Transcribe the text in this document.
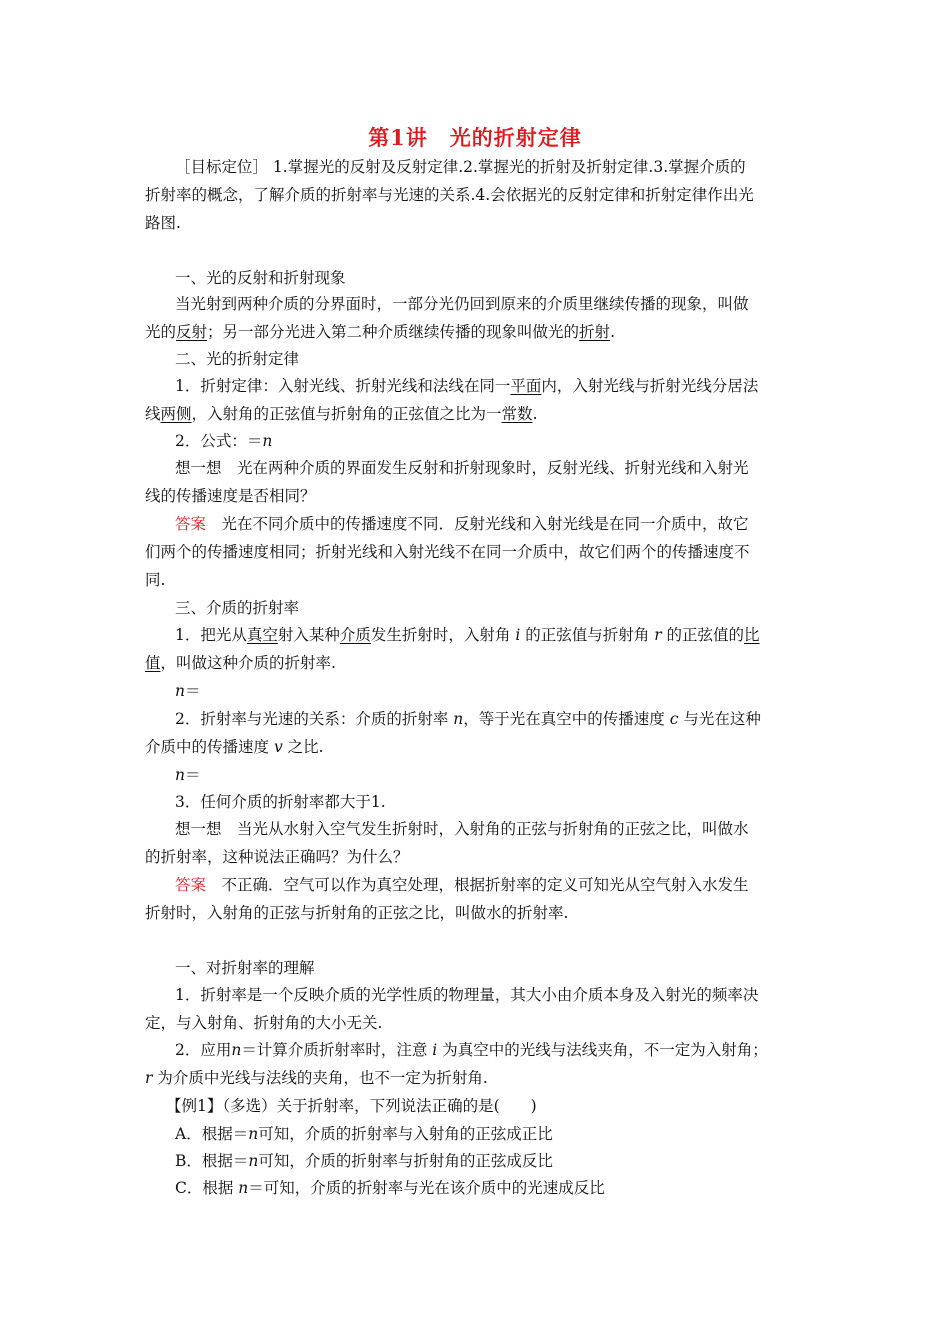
第1讲　光的折射定律
［目标定位］ 1.掌握光的反射及反射定律.2.掌握光的折射及折射定律.3.掌握介质的
折射率的概念，了解介质的折射率与光速的关系.4.会依据光的反射定律和折射定律作出光
路图.
一、光的反射和折射现象
当光射到两种介质的分界面时，一部分光仍回到原来的介质里继续传播的现象，叫做
光的反射；另一部分光进入第二种介质继续传播的现象叫做光的折射.
二、光的折射定律
1．折射定律：入射光线、折射光线和法线在同一平面内，入射光线与折射光线分居法
线两侧，入射角的正弦值与折射角的正弦值之比为一常数.
2．公式：＝n
想一想　光在两种介质的界面发生反射和折射现象时，反射光线、折射光线和入射光
线的传播速度是否相同？
答案　光在不同介质中的传播速度不同．反射光线和入射光线是在同一介质中，故它
们两个的传播速度相同；折射光线和入射光线不在同一介质中，故它们两个的传播速度不
同.
三、介质的折射率
1．把光从真空射入某种介质发生折射时，入射角 i 的正弦值与折射角 r 的正弦值的比
值，叫做这种介质的折射率.
n＝
2．折射率与光速的关系：介质的折射率 n，等于光在真空中的传播速度 c 与光在这种
介质中的传播速度 v 之比.
n＝
3．任何介质的折射率都大于1.
想一想　当光从水射入空气发生折射时，入射角的正弦与折射角的正弦之比，叫做水
的折射率，这种说法正确吗？为什么？
答案　不正确．空气可以作为真空处理，根据折射率的定义可知光从空气射入水发生
折射时，入射角的正弦与折射角的正弦之比，叫做水的折射率.
一、对折射率的理解
1．折射率是一个反映介质的光学性质的物理量，其大小由介质本身及入射光的频率决
定，与入射角、折射角的大小无关.
2．应用n＝计算介质折射率时，注意 i 为真空中的光线与法线夹角，不一定为入射角；
r 为介质中光线与法线的夹角，也不一定为折射角.
【例1】（多选）关于折射率，下列说法正确的是(　　)
A．根据＝n可知，介质的折射率与入射角的正弦成正比
B．根据＝n可知，介质的折射率与折射角的正弦成反比
C．根据 n＝可知，介质的折射率与光在该介质中的光速成反比
